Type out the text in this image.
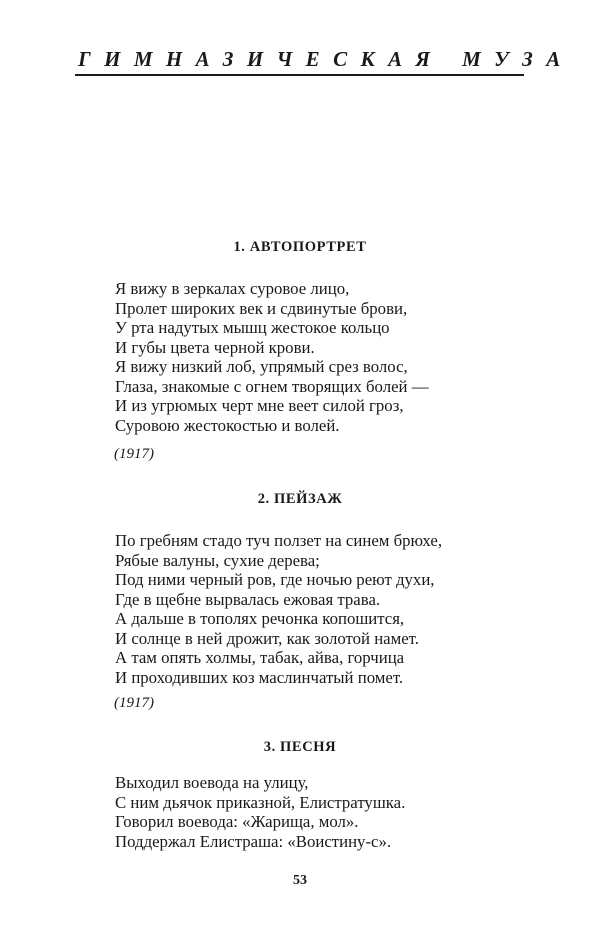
ГИМНАЗИЧЕСКАЯ МУЗА
1. АВТОПОРТРЕТ
Я вижу в зеркалах суровое лицо,
Пролет широких век и сдвинутые брови,
У рта надутых мышц жестокое кольцо
И губы цвета черной крови.
Я вижу низкий лоб, упрямый срез волос,
Глаза, знакомые с огнем творящих болей —
И из угрюмых черт мне веет силой гроз,
Суровою жестокостью и волей.

(1917)

2. ПЕЙЗАЖ
По гребням стадо туч ползет на синем брюхе,
Рябые валуны, сухие дерева;
Под ними черный ров, где ночью реют духи,
Где в щебне вырвалась ежовая трава.
А дальше в тополях речонка копошится,
И солнце в ней дрожит, как золотой намет.
А там опять холмы, табак, айва, горчица
И проходивших коз маслинчатый помет.

(1917)

3. ПЕСНЯ
Выходил воевода на улицу,
С ним дьячок приказной, Елистратушка.
Говорил воевода: «Жарища, мол».
Поддержал Елистраша: «Воистину-с».

53
